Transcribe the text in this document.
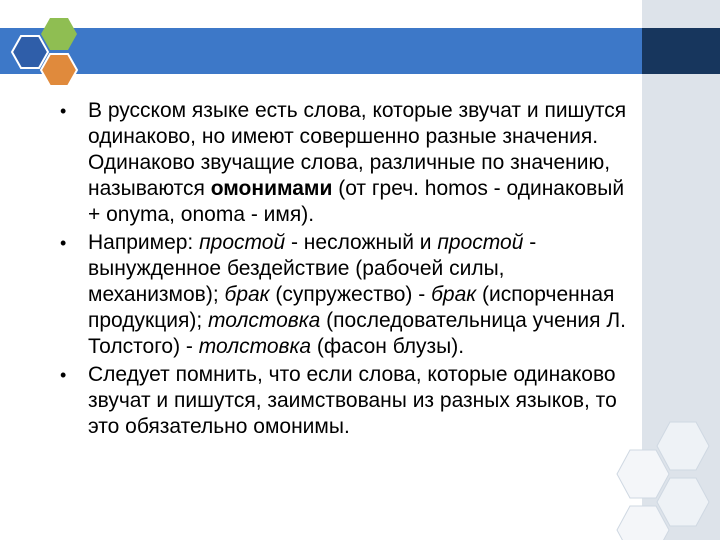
• В русском языке есть слова, которые звучат и пишутся одинаково, но имеют совершенно разные значения. Одинаково звучащие слова, различные по значению, называются омонимами (от греч. homos - одинаковый + onyma, onoma - имя).
• Например: простой - несложный и простой - вынужденное бездействие (рабочей силы, механизмов); брак (супружество) - брак (испорченная продукция); толстовка (последовательница учения Л. Толстого) - толстовка (фасон блузы).
• Следует помнить, что если слова, которые одинаково звучат и пишутся, заимствованы из разных языков, то это обязательно омонимы.
